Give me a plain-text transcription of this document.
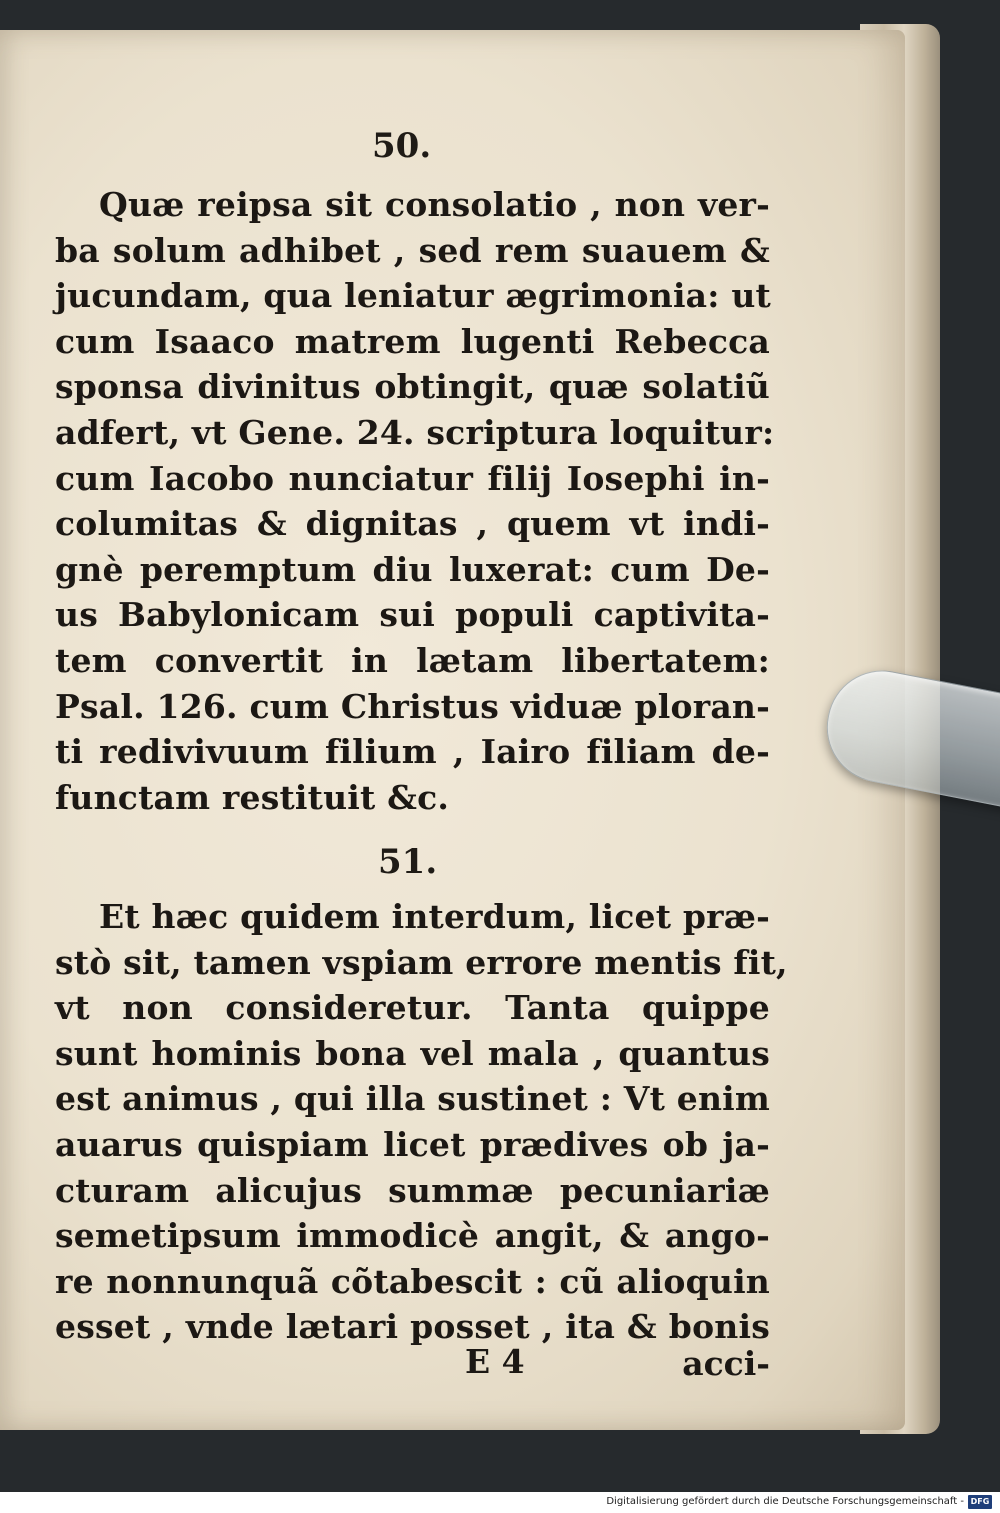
50.
Quæ reipsa sit consolatio , non ver-
ba solum adhibet , sed rem suauem &
jucundam, qua leniatur ægrimonia: ut
cum Isaaco matrem lugenti Rebecca
sponsa divinitus obtingit, quæ solatiũ
adfert, vt Gene. 24. scriptura loquitur:
cum Iacobo nunciatur filij Iosephi in-
columitas & dignitas , quem vt indi-
gnè peremptum diu luxerat: cum De-
us Babylonicam sui populi captivita-
tem convertit in lætam libertatem:
Psal. 126. cum Christus viduæ ploran-
ti redivivuum filium , Iairo filiam de-
functam restituit &c.
51.
Et hæc quidem interdum, licet præ-
stò sit, tamen vspiam errore mentis fit,
vt non consideretur. Tanta quippe
sunt hominis bona vel mala , quantus
est animus , qui illa sustinet : Vt enim
auarus quispiam licet prædives ob ja-
cturam alicujus summæ pecuniariæ
semetipsum immodicè angit, & ango-
re nonnunquã cõtabescit : cũ alioquin
esset , vnde lætari posset , ita & bonis
E 4	acci-
Digitalisierung gefördert durch die Deutsche Forschungsgemeinschaft - DFG
